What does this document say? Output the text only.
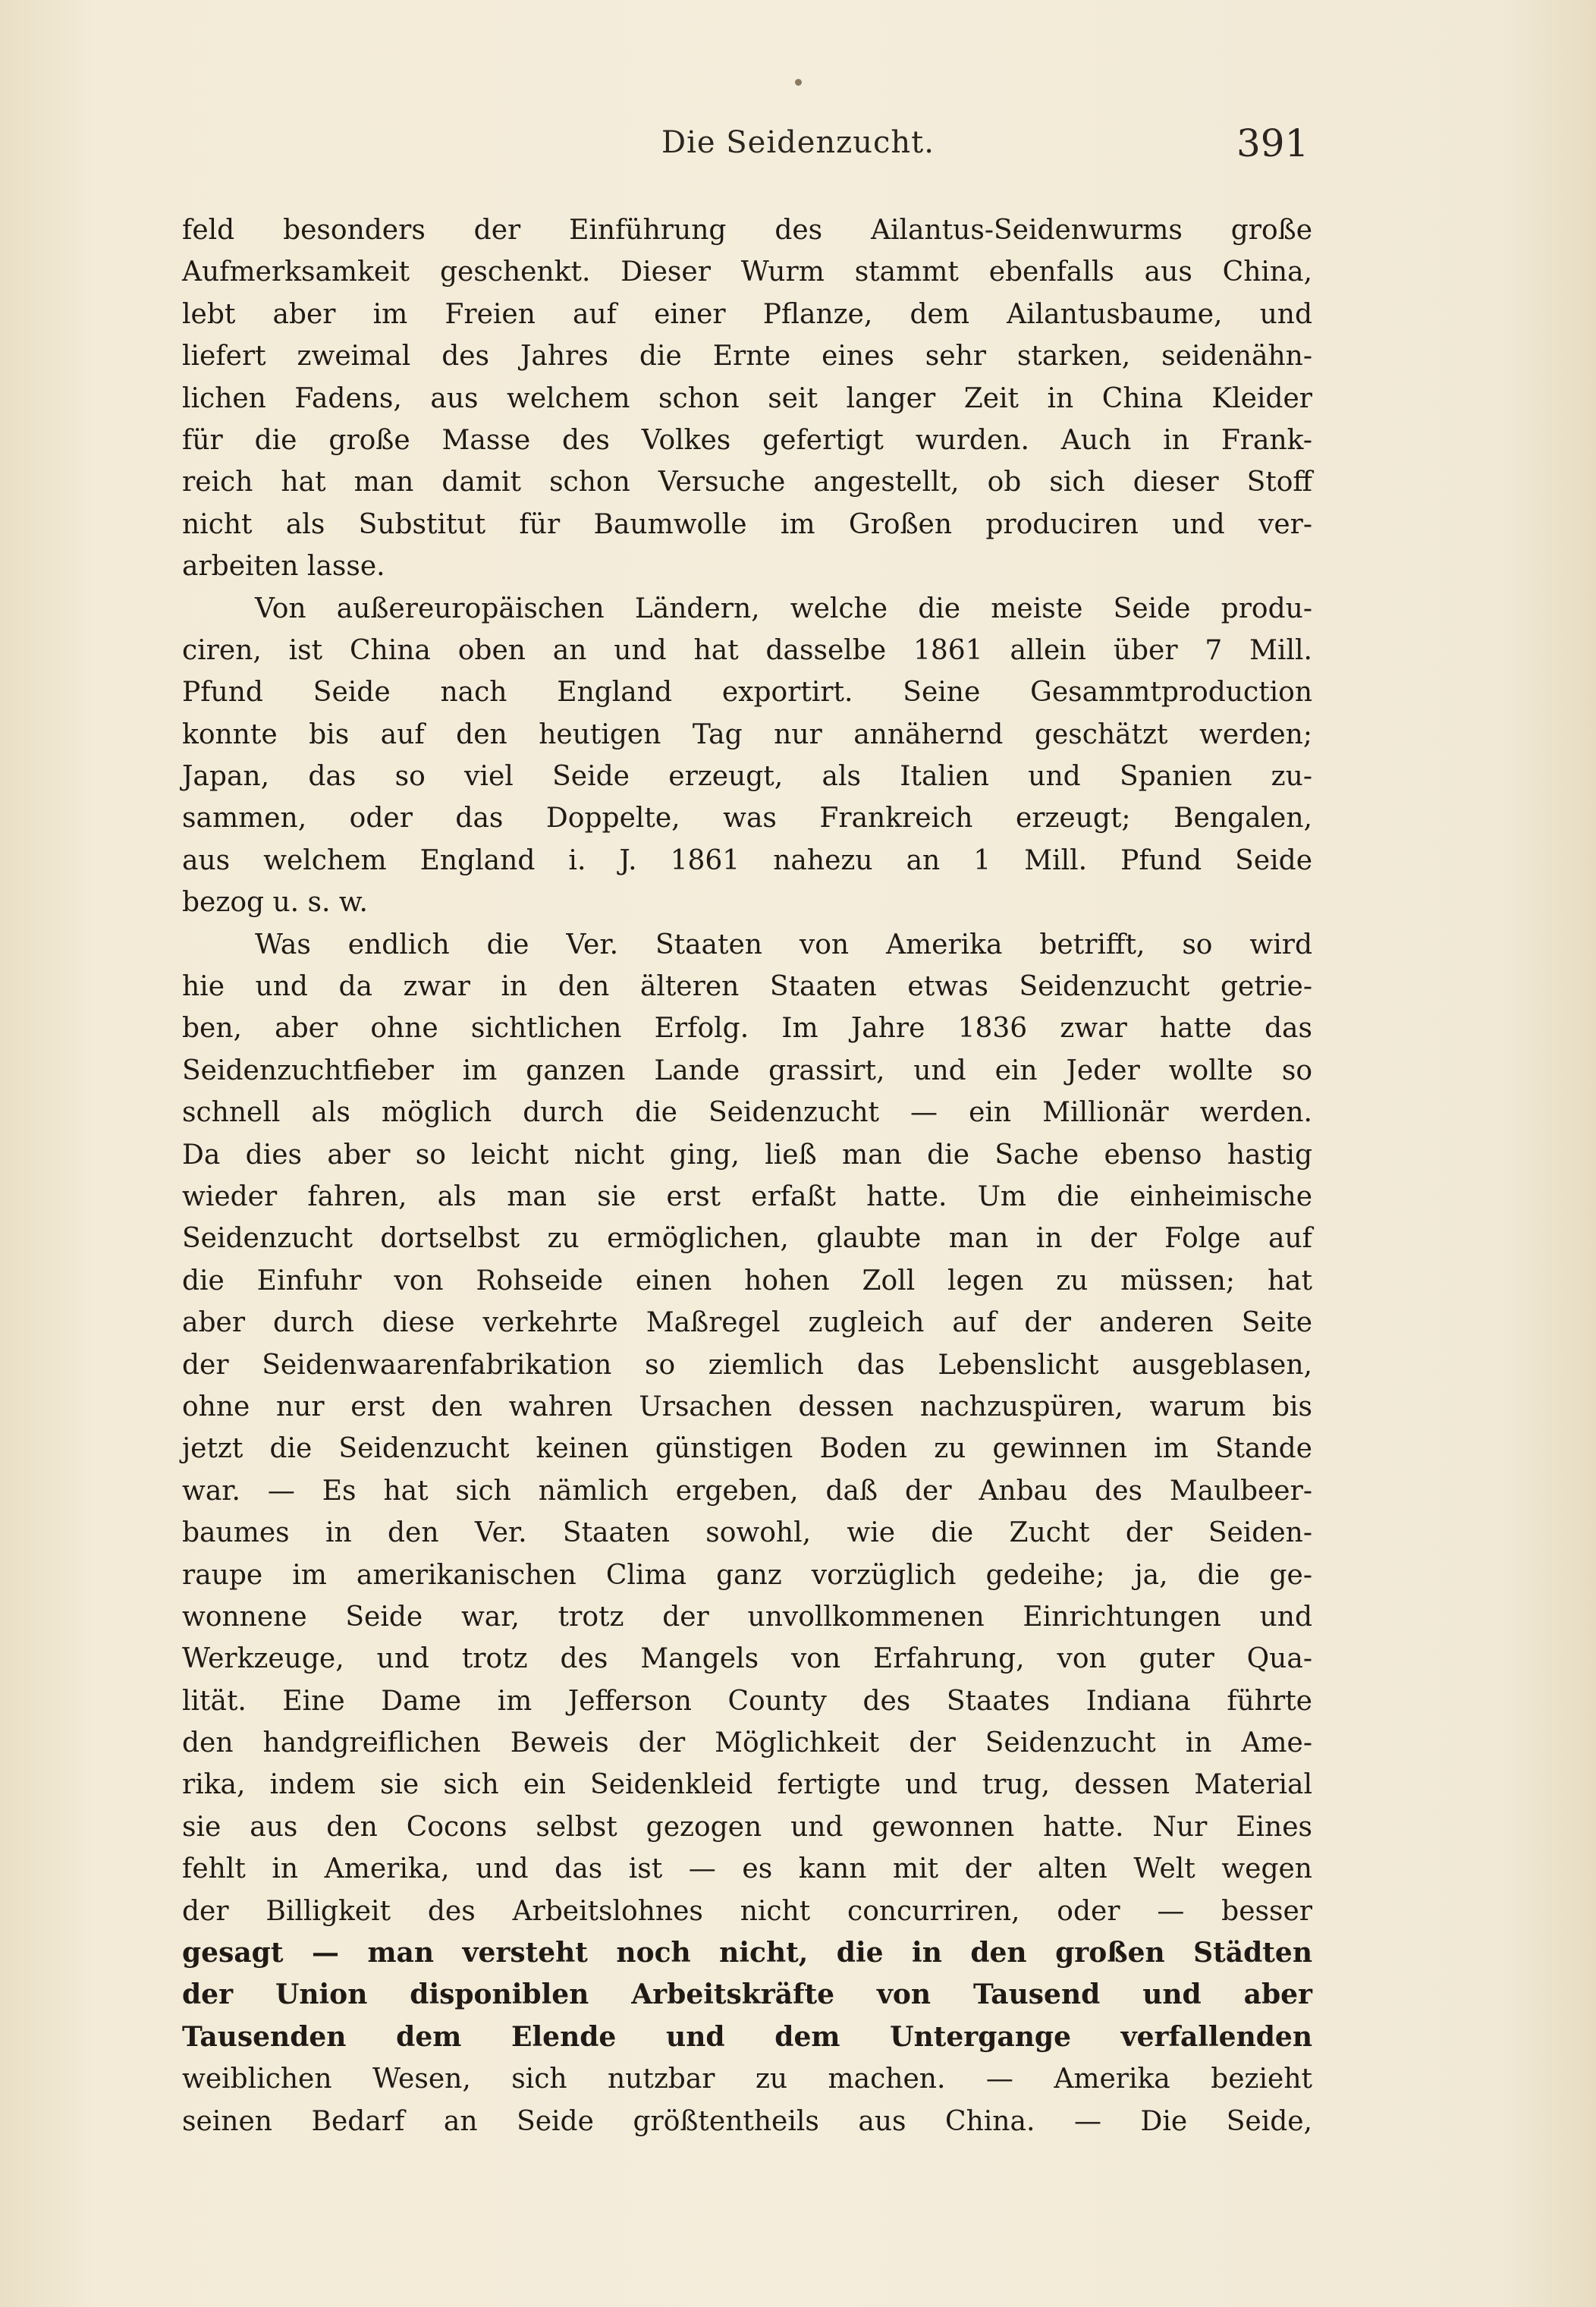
Die Seidenzucht.	391
feld besonders der Einführung des Ailantus-Seidenwurms große
Aufmerksamkeit geschenkt. Dieser Wurm stammt ebenfalls aus China,
lebt aber im Freien auf einer Pflanze, dem Ailantusbaume, und
liefert zweimal des Jahres die Ernte eines sehr starken, seidenähn-
lichen Fadens, aus welchem schon seit langer Zeit in China Kleider
für die große Masse des Volkes gefertigt wurden. Auch in Frank-
reich hat man damit schon Versuche angestellt, ob sich dieser Stoff
nicht als Substitut für Baumwolle im Großen produciren und ver-
arbeiten lasse.
Von außereuropäischen Ländern, welche die meiste Seide produ-
ciren, ist China oben an und hat dasselbe 1861 allein über 7 Mill.
Pfund Seide nach England exportirt. Seine Gesammtproduction
konnte bis auf den heutigen Tag nur annähernd geschätzt werden;
Japan, das so viel Seide erzeugt, als Italien und Spanien zu-
sammen, oder das Doppelte, was Frankreich erzeugt; Bengalen,
aus welchem England i. J. 1861 nahezu an 1 Mill. Pfund Seide
bezog u. s. w.
Was endlich die Ver. Staaten von Amerika betrifft, so wird
hie und da zwar in den älteren Staaten etwas Seidenzucht getrie-
ben, aber ohne sichtlichen Erfolg. Im Jahre 1836 zwar hatte das
Seidenzuchtfieber im ganzen Lande grassirt, und ein Jeder wollte so
schnell als möglich durch die Seidenzucht — ein Millionär werden.
Da dies aber so leicht nicht ging, ließ man die Sache ebenso hastig
wieder fahren, als man sie erst erfaßt hatte. Um die einheimische
Seidenzucht dortselbst zu ermöglichen, glaubte man in der Folge auf
die Einfuhr von Rohseide einen hohen Zoll legen zu müssen; hat
aber durch diese verkehrte Maßregel zugleich auf der anderen Seite
der Seidenwaarenfabrikation so ziemlich das Lebenslicht ausgeblasen,
ohne nur erst den wahren Ursachen dessen nachzuspüren, warum bis
jetzt die Seidenzucht keinen günstigen Boden zu gewinnen im Stande
war. — Es hat sich nämlich ergeben, daß der Anbau des Maulbeer-
baumes in den Ver. Staaten sowohl, wie die Zucht der Seiden-
raupe im amerikanischen Clima ganz vorzüglich gedeihe; ja, die ge-
wonnene Seide war, trotz der unvollkommenen Einrichtungen und
Werkzeuge, und trotz des Mangels von Erfahrung, von guter Qua-
lität. Eine Dame im Jefferson County des Staates Indiana führte
den handgreiflichen Beweis der Möglichkeit der Seidenzucht in Ame-
rika, indem sie sich ein Seidenkleid fertigte und trug, dessen Material
sie aus den Cocons selbst gezogen und gewonnen hatte. Nur Eines
fehlt in Amerika, und das ist — es kann mit der alten Welt wegen
der Billigkeit des Arbeitslohnes nicht concurriren, oder — besser
gesagt — man versteht noch nicht, die in den großen Städten
der Union disponiblen Arbeitskräfte von Tausend und aber
Tausenden dem Elende und dem Untergange verfallenden
weiblichen Wesen, sich nutzbar zu machen. — Amerika bezieht
seinen Bedarf an Seide größtentheils aus China. — Die Seide,
